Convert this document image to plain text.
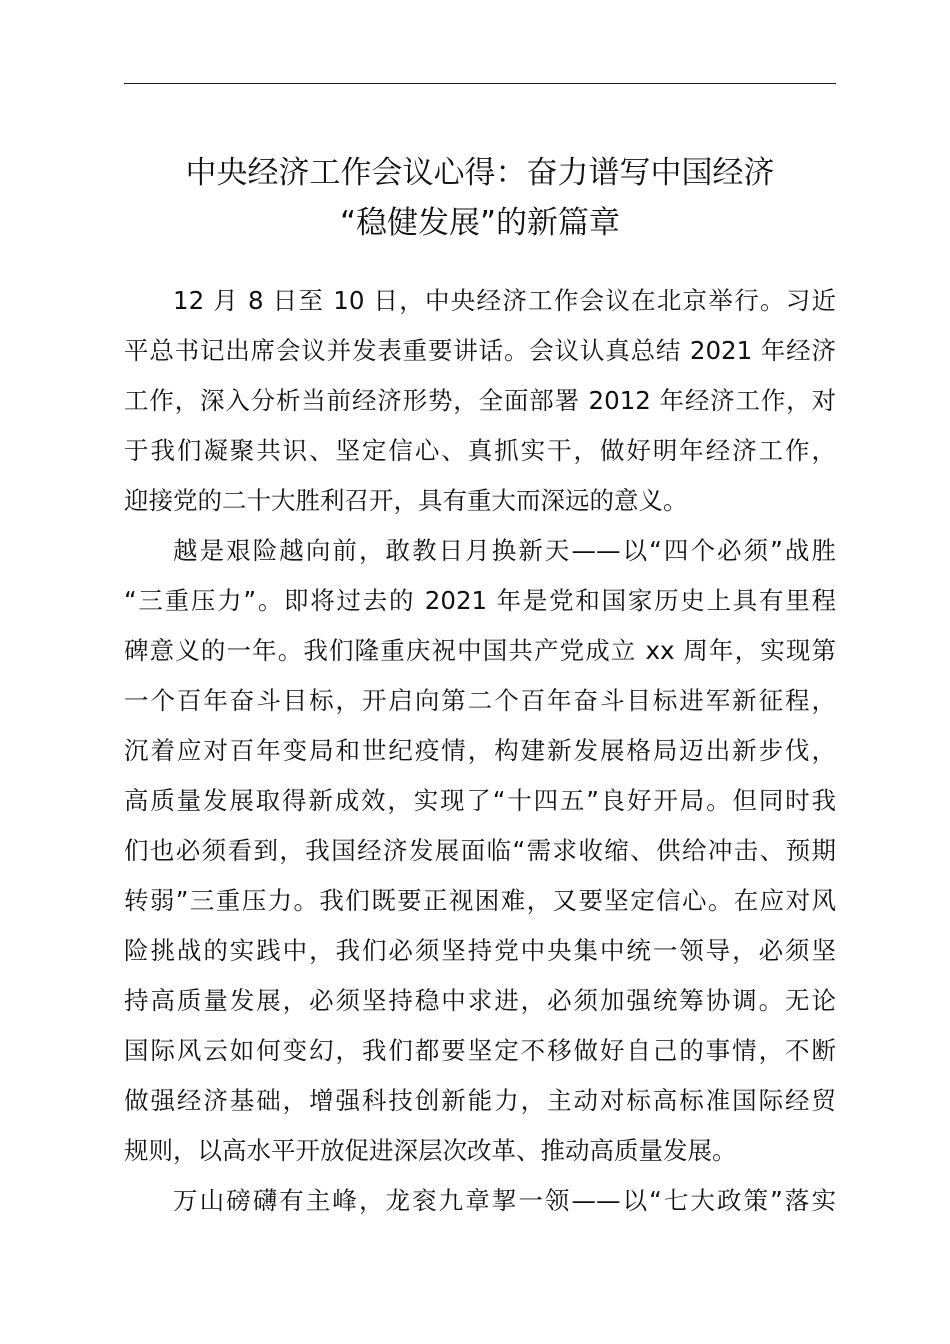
中央经济工作会议心得：奋力谱写中国经济
“稳健发展”的新篇章
12 月 8 日至 10 日，中央经济工作会议在北京举行。习近
平总书记出席会议并发表重要讲话。会议认真总结 2021 年经济
工作，深入分析当前经济形势，全面部署 2012 年经济工作，对
于我们凝聚共识、坚定信心、真抓实干，做好明年经济工作，
迎接党的二十大胜利召开，具有重大而深远的意义。
越是艰险越向前，敢教日月换新天——以“四个必须”战胜
“三重压力”。即将过去的 2021 年是党和国家历史上具有里程
碑意义的一年。我们隆重庆祝中国共产党成立 xx 周年，实现第
一个百年奋斗目标，开启向第二个百年奋斗目标进军新征程，
沉着应对百年变局和世纪疫情，构建新发展格局迈出新步伐，
高质量发展取得新成效，实现了“十四五”良好开局。但同时我
们也必须看到，我国经济发展面临“需求收缩、供给冲击、预期
转弱”三重压力。我们既要正视困难，又要坚定信心。在应对风
险挑战的实践中，我们必须坚持党中央集中统一领导，必须坚
持高质量发展，必须坚持稳中求进，必须加强统筹协调。无论
国际风云如何变幻，我们都要坚定不移做好自己的事情，不断
做强经济基础，增强科技创新能力，主动对标高标准国际经贸
规则，以高水平开放促进深层次改革、推动高质量发展。
万山磅礴有主峰，龙衮九章挈一领——以“七大政策”落实
